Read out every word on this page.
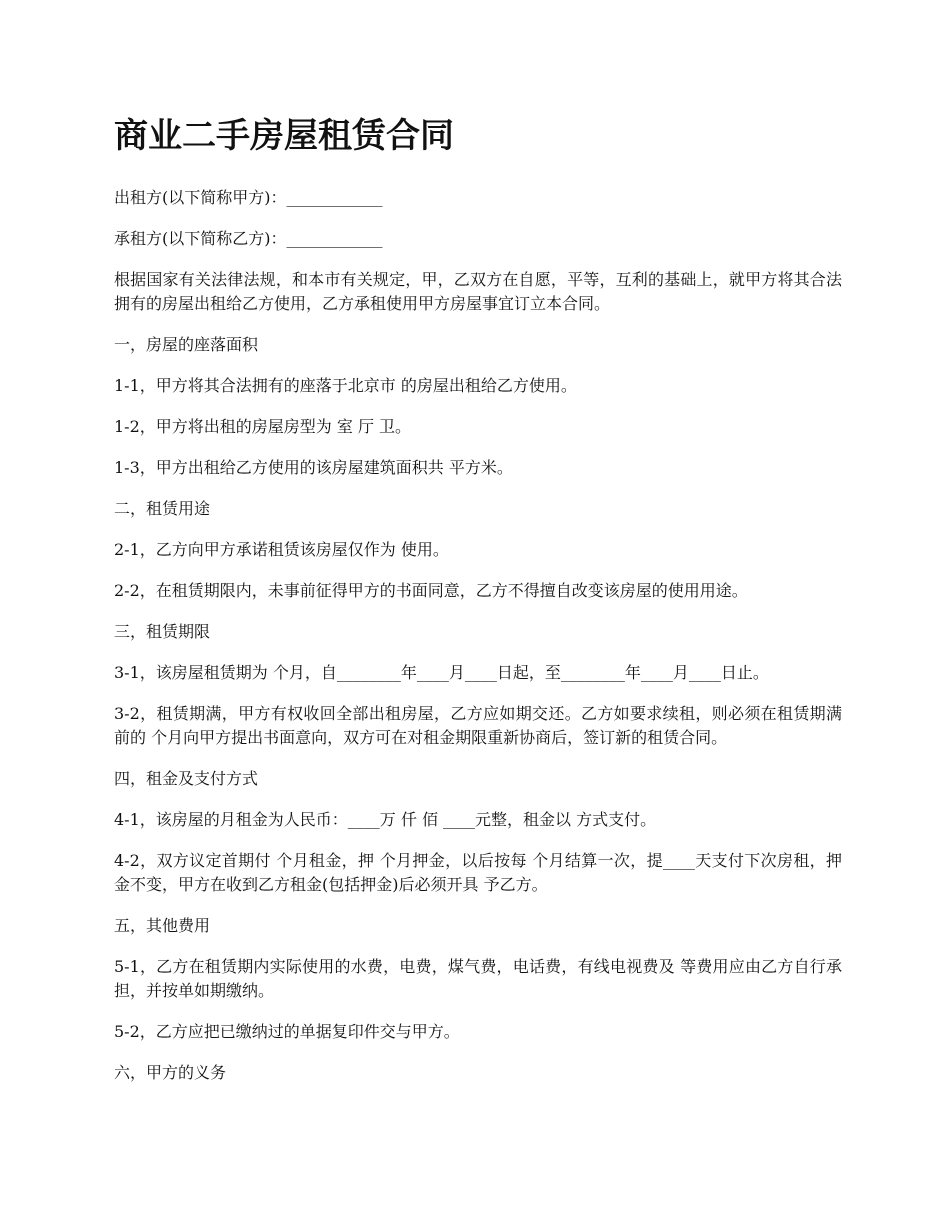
商业二手房屋租赁合同

出租方(以下简称甲方)：____________

承租方(以下简称乙方)：____________

根据国家有关法律法规，和本市有关规定，甲，乙双方在自愿，平等，互利的基础上，就甲方将其合法拥有的房屋出租给乙方使用，乙方承租使用甲方房屋事宜订立本合同。

一，房屋的座落面积

1-1，甲方将其合法拥有的座落于北京市 的房屋出租给乙方使用。

1-2，甲方将出租的房屋房型为 室 厅 卫。

1-3，甲方出租给乙方使用的该房屋建筑面积共 平方米。

二，租赁用途

2-1，乙方向甲方承诺租赁该房屋仅作为 使用。

2-2，在租赁期限内，未事前征得甲方的书面同意，乙方不得擅自改变该房屋的使用用途。

三，租赁期限

3-1，该房屋租赁期为 个月，自________年____月____日起，至________年____月____日止。

3-2，租赁期满，甲方有权收回全部出租房屋，乙方应如期交还。乙方如要求续租，则必须在租赁期满前的 个月向甲方提出书面意向，双方可在对租金期限重新协商后，签订新的租赁合同。

四，租金及支付方式

4-1，该房屋的月租金为人民币：____万 仟 佰 ____元整，租金以 方式支付。

4-2，双方议定首期付 个月租金，押 个月押金，以后按每 个月结算一次，提____天支付下次房租，押金不变，甲方在收到乙方租金(包括押金)后必须开具 予乙方。

五，其他费用

5-1，乙方在租赁期内实际使用的水费，电费，煤气费，电话费，有线电视费及 等费用应由乙方自行承担，并按单如期缴纳。

5-2，乙方应把已缴纳过的单据复印件交与甲方。

六，甲方的义务
